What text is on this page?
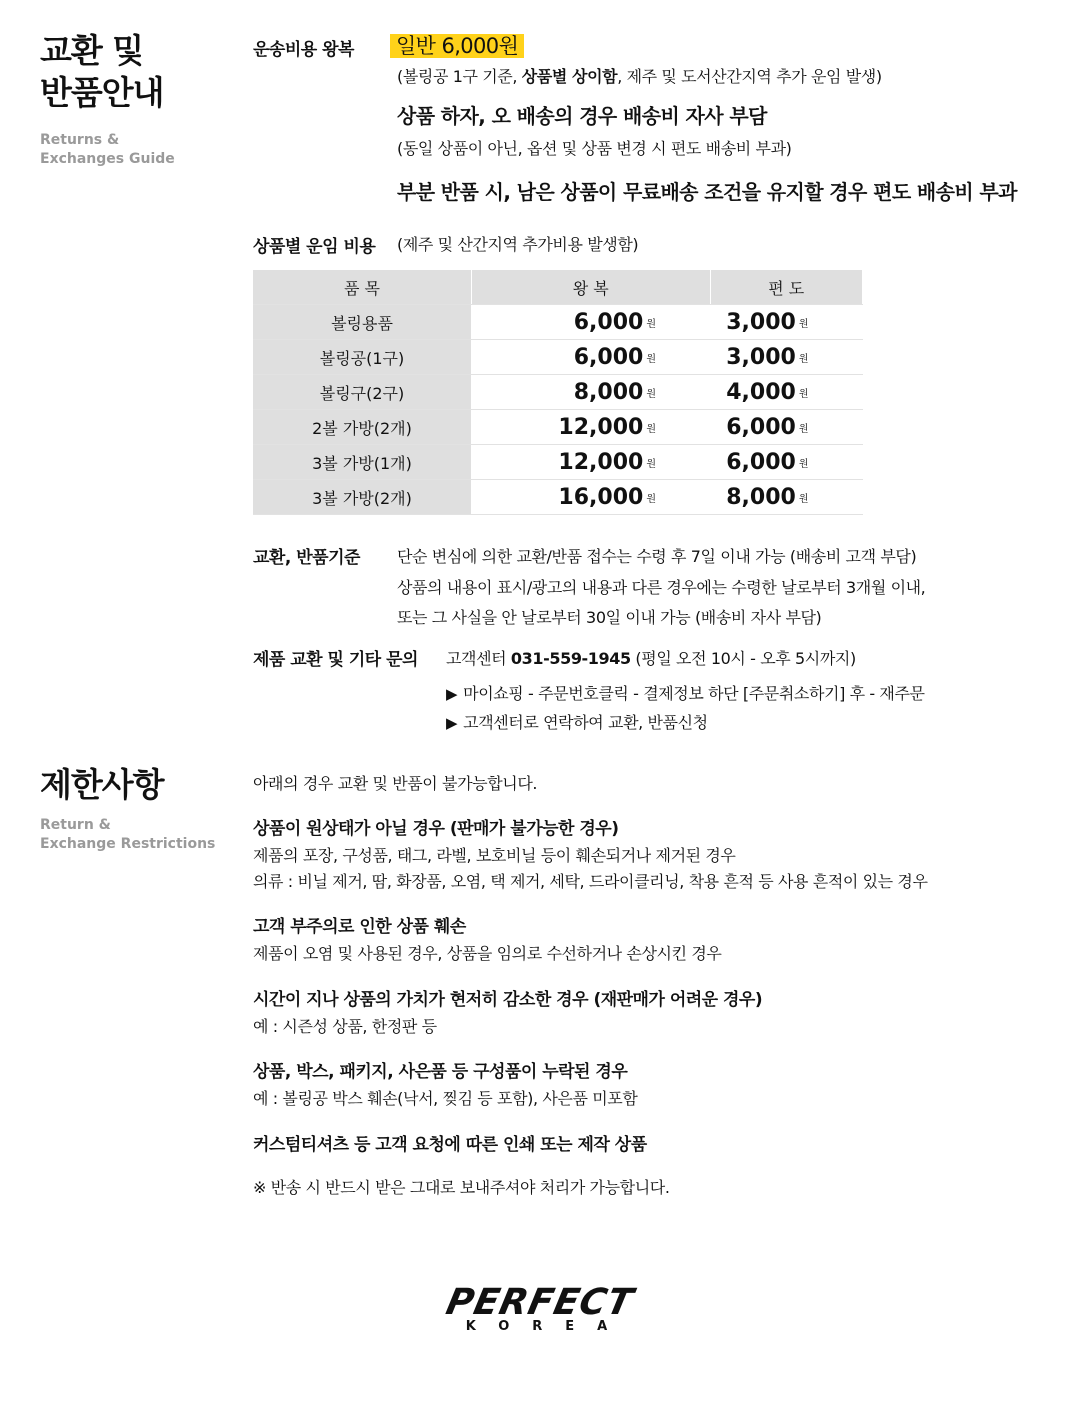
교환 및
반품안내
Returns &
Exchanges Guide
운송비용 왕복 일반 6,000원
(볼링공 1구 기준, 상품별 상이함, 제주 및 도서산간지역 추가 운임 발생)
상품 하자, 오 배송의 경우 배송비 자사 부담
(동일 상품이 아닌, 옵션 및 상품 변경 시 편도 배송비 부과)
부분 반품 시, 남은 상품이 무료배송 조건을 유지할 경우 편도 배송비 부과
상품별 운임 비용 (제주 및 산간지역 추가비용 발생함)
품 목	왕 복	편 도
볼링용품	6,000 원	3,000 원
볼링공(1구)	6,000 원	3,000 원
볼링구(2구)	8,000 원	4,000 원
2볼 가방(2개)	12,000 원	6,000 원
3볼 가방(1개)	12,000 원	6,000 원
3볼 가방(2개)	16,000 원	8,000 원
교환, 반품기준 단순 변심에 의한 교환/반품 접수는 수령 후 7일 이내 가능 (배송비 고객 부담)
상품의 내용이 표시/광고의 내용과 다른 경우에는 수령한 날로부터 3개월 이내,
또는 그 사실을 안 날로부터 30일 이내 가능 (배송비 자사 부담)
제품 교환 및 기타 문의 고객센터 031-559-1945 (평일 오전 10시 - 오후 5시까지)
▶ 마이쇼핑 - 주문번호클릭 - 결제정보 하단 [주문취소하기] 후 - 재주문
▶ 고객센터로 연락하여 교환, 반품신청
제한사항
Return &
Exchange Restrictions
아래의 경우 교환 및 반품이 불가능합니다.
상품이 원상태가 아닐 경우 (판매가 불가능한 경우)
제품의 포장, 구성품, 태그, 라벨, 보호비닐 등이 훼손되거나 제거된 경우
의류 : 비닐 제거, 땀, 화장품, 오염, 택 제거, 세탁, 드라이클리닝, 착용 흔적 등 사용 흔적이 있는 경우
고객 부주의로 인한 상품 훼손
제품이 오염 및 사용된 경우, 상품을 임의로 수선하거나 손상시킨 경우
시간이 지나 상품의 가치가 현저히 감소한 경우 (재판매가 어려운 경우)
예 : 시즌성 상품, 한정판 등
상품, 박스, 패키지, 사은품 등 구성품이 누락된 경우
예 : 볼링공 박스 훼손(낙서, 찢김 등 포함), 사은품 미포함
커스텀티셔츠 등 고객 요청에 따른 인쇄 또는 제작 상품
※ 반송 시 반드시 받은 그대로 보내주셔야 처리가 가능합니다.
PERFECT
KOREA
